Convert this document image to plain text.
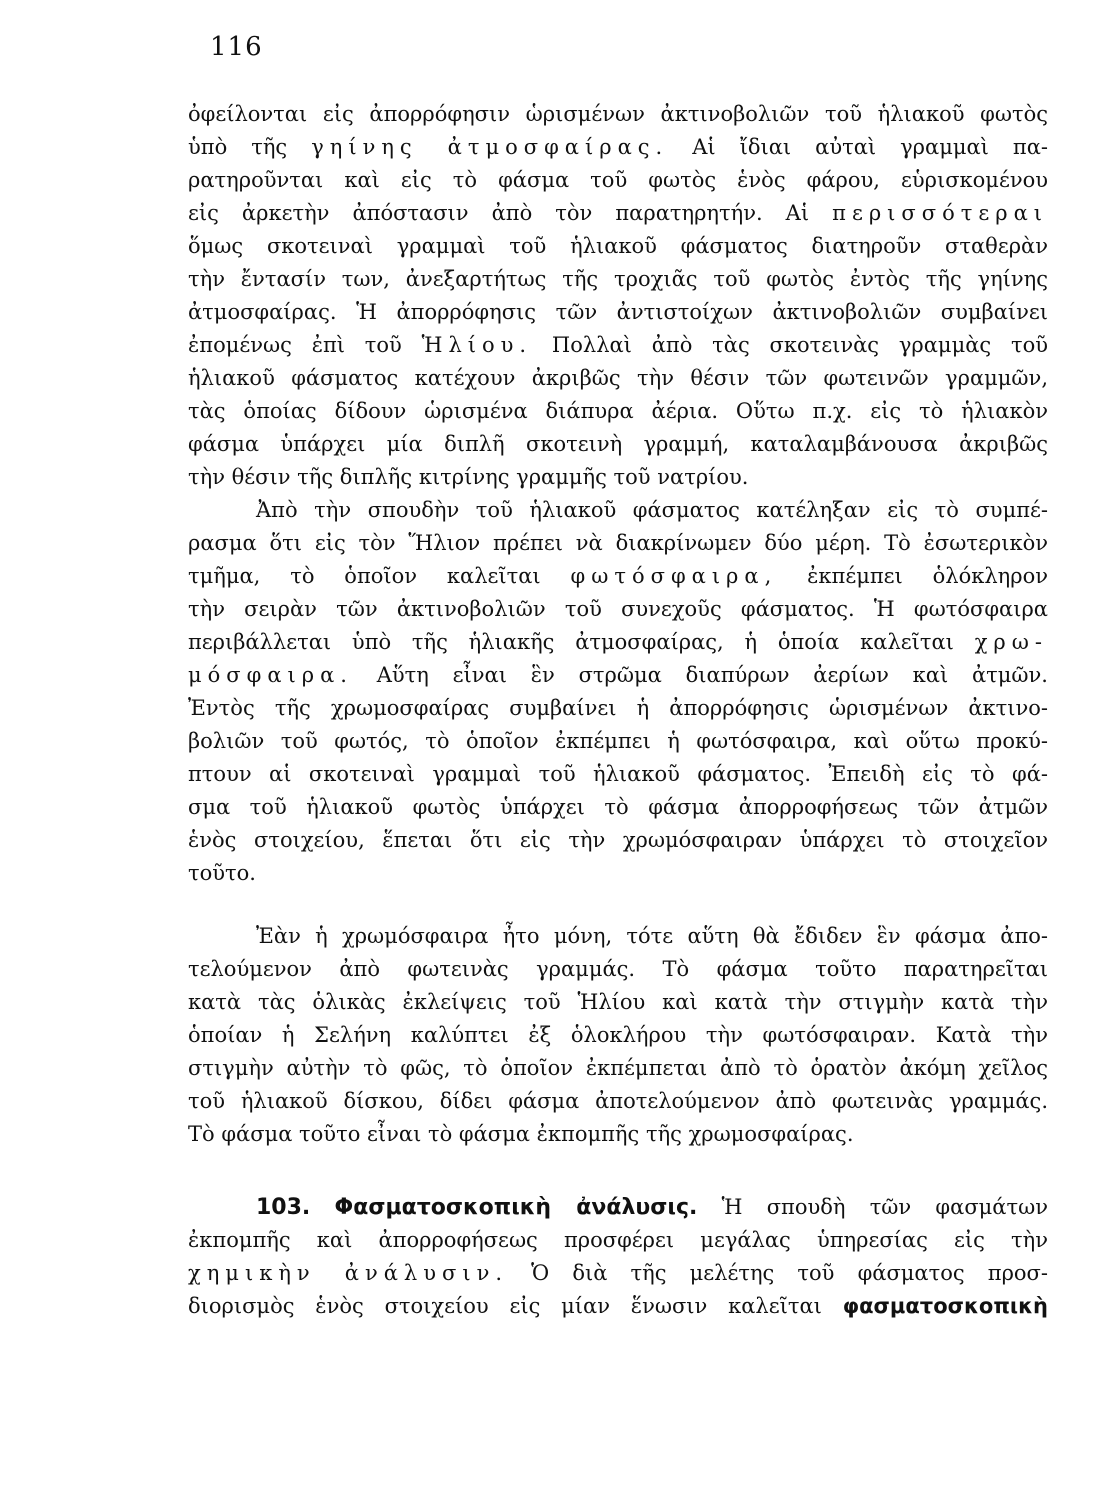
116
ὀφείλονται εἰς ἀπορρόφησιν ὡρισμένων ἀκτινοβολιῶν τοῦ ἡλιακοῦ φωτὸς
ὑπὸ τῆς γηίνης ἀτμοσφαίρας. Αἱ ἴδιαι αὐταὶ γραμμαὶ πα-
ρατηροῦνται καὶ εἰς τὸ φάσμα τοῦ φωτὸς ἑνὸς φάρου, εὑρισκομένου
εἰς ἀρκετὴν ἀπόστασιν ἀπὸ τὸν παρατηρητήν. Αἱ περισσότεραι
ὅμως σκοτειναὶ γραμμαὶ τοῦ ἡλιακοῦ φάσματος διατηροῦν σταθερὰν
τὴν ἔντασίν των, ἀνεξαρτήτως τῆς τροχιᾶς τοῦ φωτὸς ἐντὸς τῆς γηίνης
ἀτμοσφαίρας. Ἡ ἀπορρόφησις τῶν ἀντιστοίχων ἀκτινοβολιῶν συμβαίνει
ἐπομένως ἐπὶ τοῦ Ἡλίου. Πολλαὶ ἀπὸ τὰς σκοτεινὰς γραμμὰς τοῦ
ἡλιακοῦ φάσματος κατέχουν ἀκριβῶς τὴν θέσιν τῶν φωτεινῶν γραμμῶν,
τὰς ὁποίας δίδουν ὡρισμένα διάπυρα ἀέρια. Οὕτω π.χ. εἰς τὸ ἡλιακὸν
φάσμα ὑπάρχει μία διπλῆ σκοτεινὴ γραμμή, καταλαμβάνουσα ἀκριβῶς
τὴν θέσιν τῆς διπλῆς κιτρίνης γραμμῆς τοῦ νατρίου.
Ἀπὸ τὴν σπουδὴν τοῦ ἡλιακοῦ φάσματος κατέληξαν εἰς τὸ συμπέ-
ρασμα ὅτι εἰς τὸν Ἥλιον πρέπει νὰ διακρίνωμεν δύο μέρη. Τὸ ἐσωτερικὸν
τμῆμα, τὸ ὁποῖον καλεῖται φωτόσφαιρα, ἐκπέμπει ὁλόκληρον
τὴν σειρὰν τῶν ἀκτινοβολιῶν τοῦ συνεχοῦς φάσματος. Ἡ φωτόσφαιρα
περιβάλλεται ὑπὸ τῆς ἡλιακῆς ἀτμοσφαίρας, ἡ ὁποία καλεῖται χρω-
μόσφαιρα. Αὕτη εἶναι ἓν στρῶμα διαπύρων ἀερίων καὶ ἀτμῶν.
Ἐντὸς τῆς χρωμοσφαίρας συμβαίνει ἡ ἀπορρόφησις ὡρισμένων ἀκτινο-
βολιῶν τοῦ φωτός, τὸ ὁποῖον ἐκπέμπει ἡ φωτόσφαιρα, καὶ οὕτω προκύ-
πτουν αἱ σκοτειναὶ γραμμαὶ τοῦ ἡλιακοῦ φάσματος. Ἐπειδὴ εἰς τὸ φά-
σμα τοῦ ἡλιακοῦ φωτὸς ὑπάρχει τὸ φάσμα ἀπορροφήσεως τῶν ἀτμῶν
ἑνὸς στοιχείου, ἕπεται ὅτι εἰς τὴν χρωμόσφαιραν ὑπάρχει τὸ στοιχεῖον
τοῦτο.
Ἐὰν ἡ χρωμόσφαιρα ἦτο μόνη, τότε αὕτη θὰ ἔδιδεν ἓν φάσμα ἀπο-
τελούμενον ἀπὸ φωτεινὰς γραμμάς. Τὸ φάσμα τοῦτο παρατηρεῖται
κατὰ τὰς ὁλικὰς ἐκλείψεις τοῦ Ἡλίου καὶ κατὰ τὴν στιγμὴν κατὰ τὴν
ὁποίαν ἡ Σελήνη καλύπτει ἐξ ὁλοκλήρου τὴν φωτόσφαιραν. Κατὰ τὴν
στιγμὴν αὐτὴν τὸ φῶς, τὸ ὁποῖον ἐκπέμπεται ἀπὸ τὸ ὁρατὸν ἀκόμη χεῖλος
τοῦ ἡλιακοῦ δίσκου, δίδει φάσμα ἀποτελούμενον ἀπὸ φωτεινὰς γραμμάς.
Τὸ φάσμα τοῦτο εἶναι τὸ φάσμα ἐκπομπῆς τῆς χρωμοσφαίρας.
103. Φασματοσκοπικὴ ἀνάλυσις. Ἡ σπουδὴ τῶν φασμάτων
ἐκπομπῆς καὶ ἀπορροφήσεως προσφέρει μεγάλας ὑπηρεσίας εἰς τὴν
χημικὴν ἀνάλυσιν. Ὁ διὰ τῆς μελέτης τοῦ φάσματος προσ-
διορισμὸς ἑνὸς στοιχείου εἰς μίαν ἕνωσιν καλεῖται φασματοσκοπικὴ
